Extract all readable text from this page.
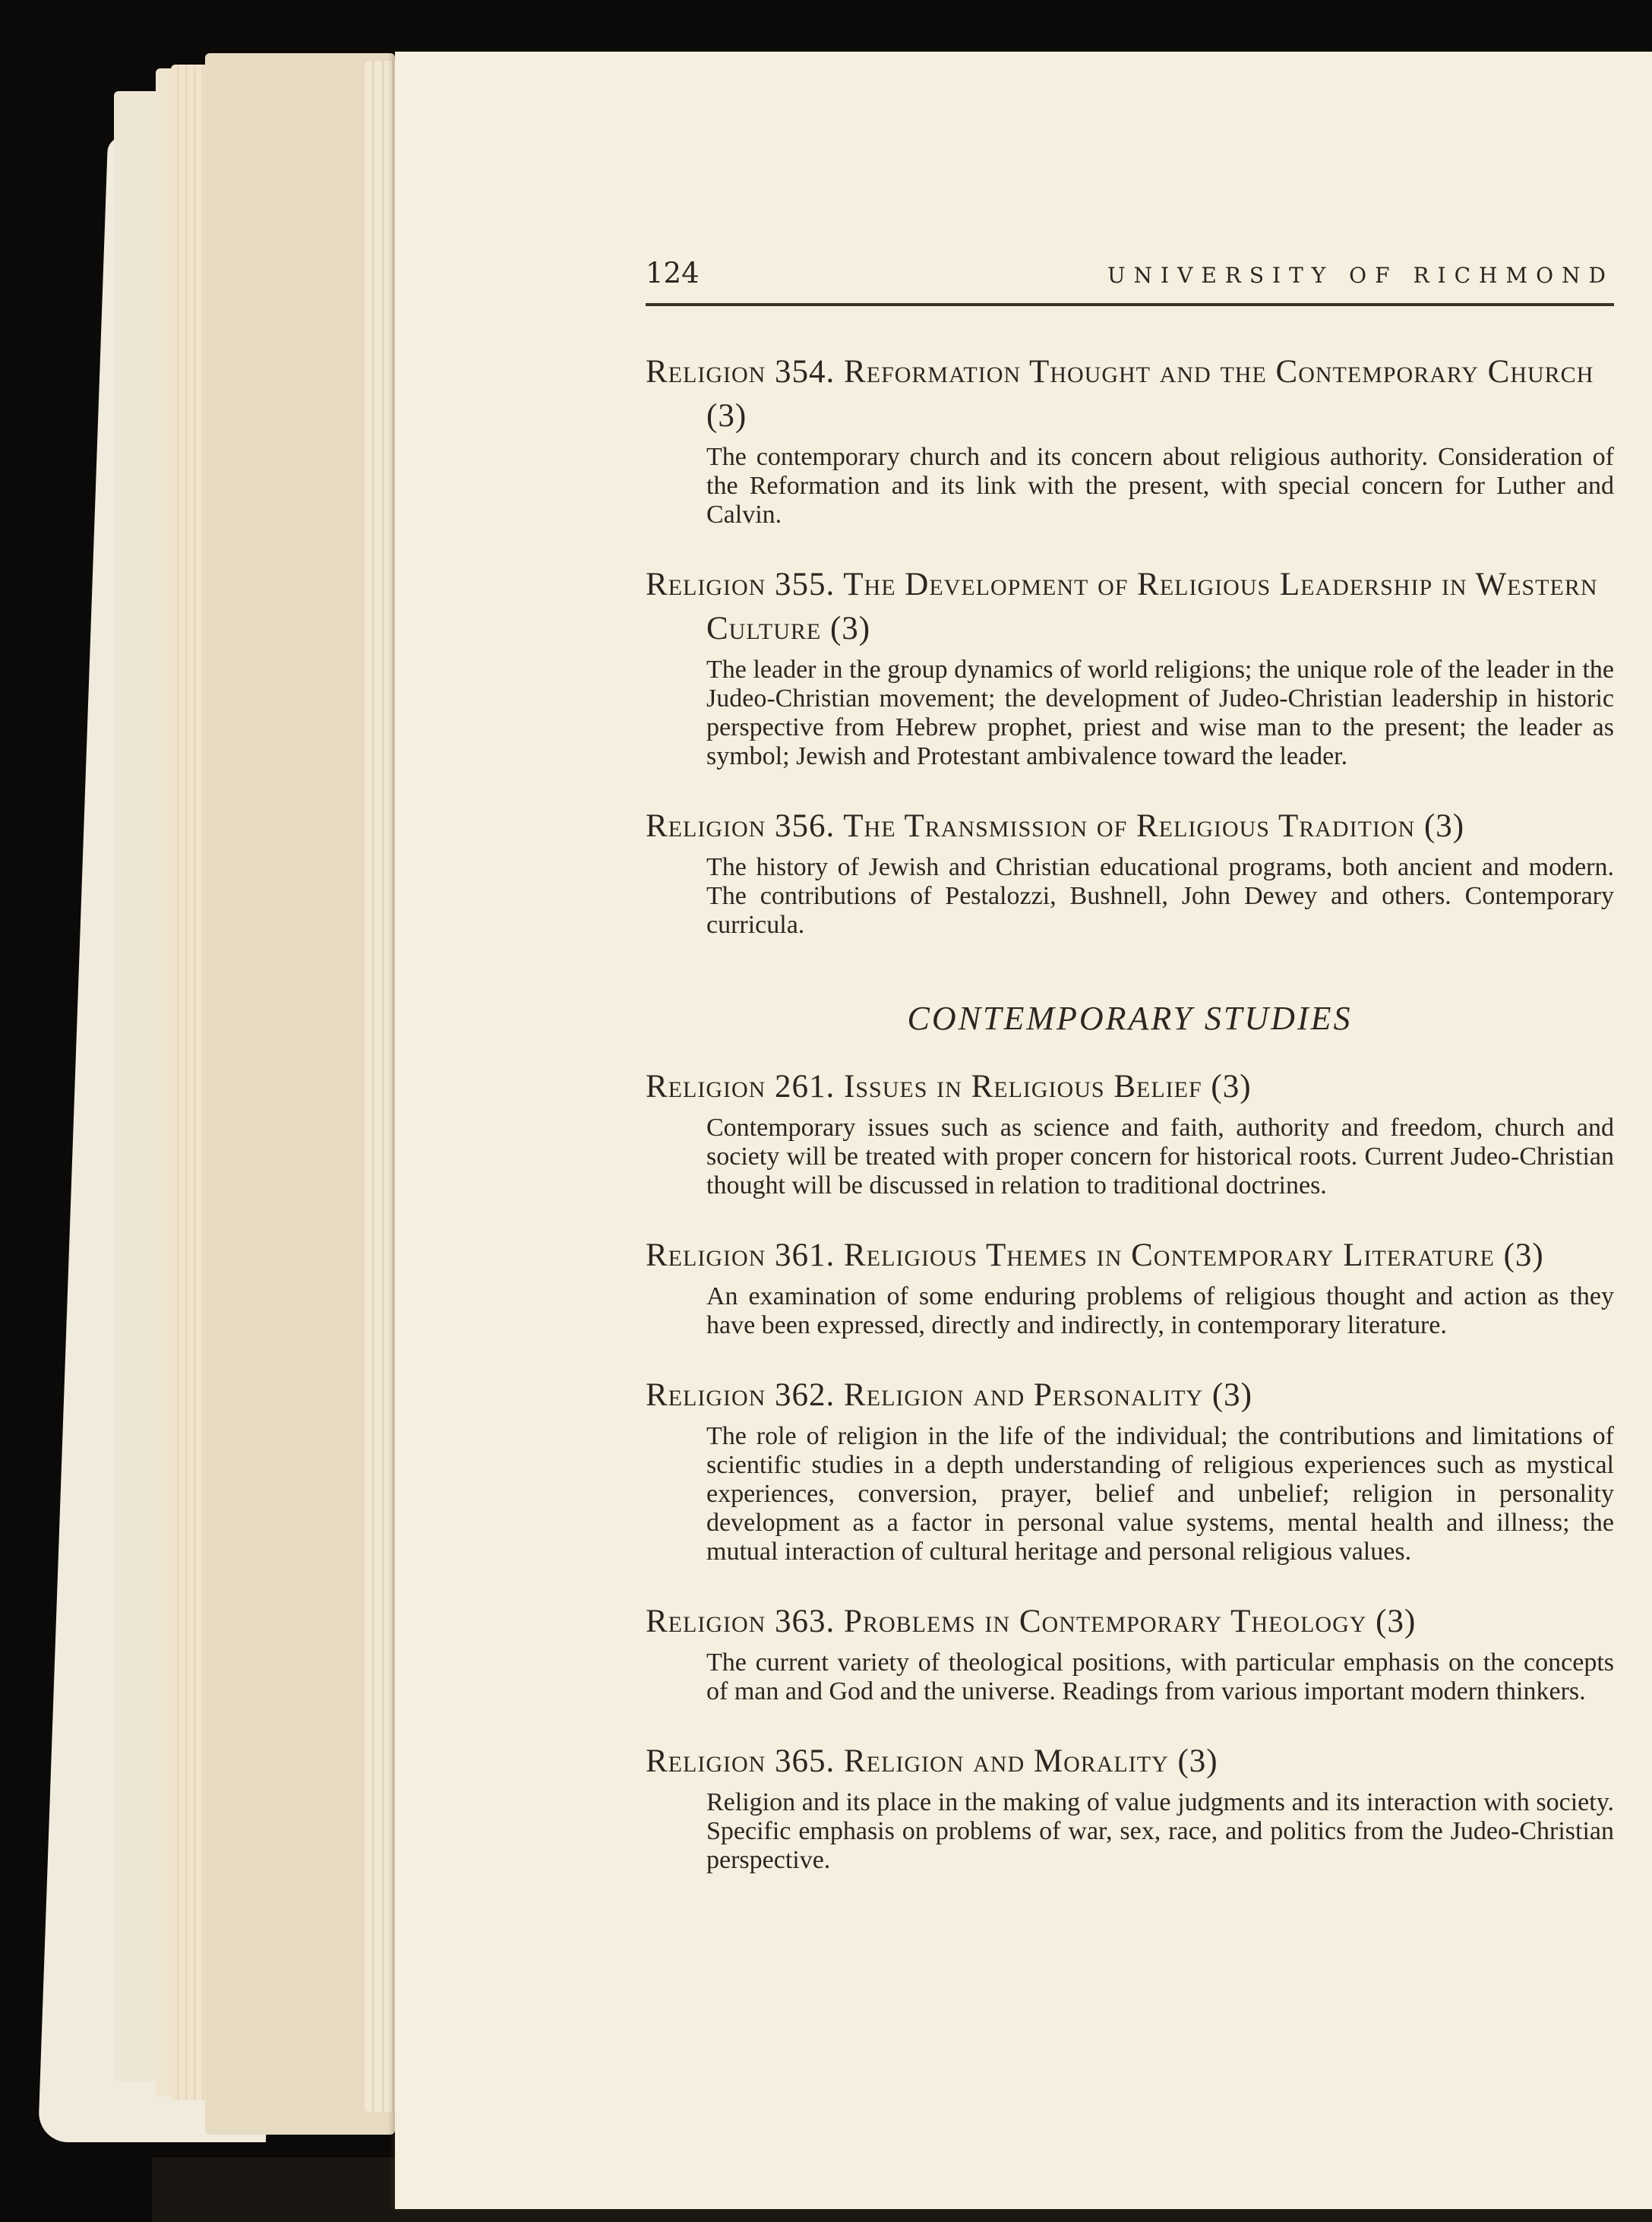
124	UNIVERSITY OF RICHMOND
Religion 354. Reformation Thought and the Contemporary Church (3)
The contemporary church and its concern about religious authority. Consideration of the Reformation and its link with the present, with special concern for Luther and Calvin.
Religion 355. The Development of Religious Leadership in Western Culture (3)
The leader in the group dynamics of world religions; the unique role of the leader in the Judeo-Christian movement; the development of Judeo-Christian leadership in historic perspective from Hebrew prophet, priest and wise man to the present; the leader as symbol; Jewish and Protestant ambivalence toward the leader.
Religion 356. The Transmission of Religious Tradition (3)
The history of Jewish and Christian educational programs, both ancient and modern. The contributions of Pestalozzi, Bushnell, John Dewey and others. Contemporary curricula.
CONTEMPORARY STUDIES
Religion 261. Issues in Religious Belief (3)
Contemporary issues such as science and faith, authority and freedom, church and society will be treated with proper concern for historical roots. Current Judeo-Christian thought will be discussed in relation to traditional doctrines.
Religion 361. Religious Themes in Contemporary Literature (3)
An examination of some enduring problems of religious thought and action as they have been expressed, directly and indirectly, in contemporary literature.
Religion 362. Religion and Personality (3)
The role of religion in the life of the individual; the contributions and limitations of scientific studies in a depth understanding of religious experiences such as mystical experiences, conversion, prayer, belief and unbelief; religion in personality development as a factor in personal value systems, mental health and illness; the mutual interaction of cultural heritage and personal religious values.
Religion 363. Problems in Contemporary Theology (3)
The current variety of theological positions, with particular emphasis on the concepts of man and God and the universe. Readings from various important modern thinkers.
Religion 365. Religion and Morality (3)
Religion and its place in the making of value judgments and its interaction with society. Specific emphasis on problems of war, sex, race, and politics from the Judeo-Christian perspective.
